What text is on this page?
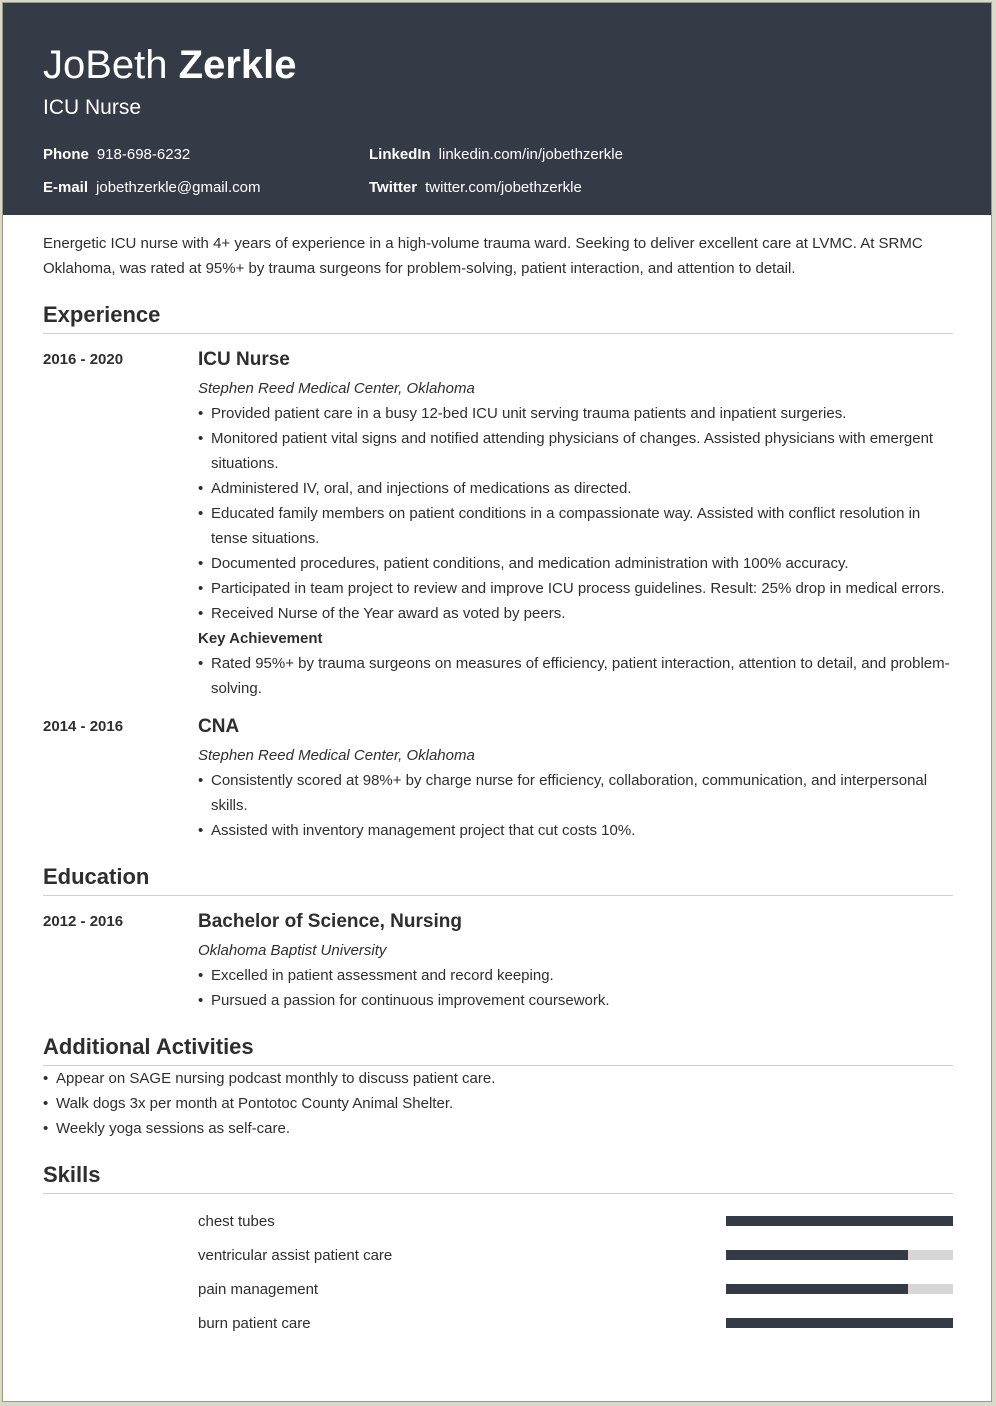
JoBeth Zerkle
ICU Nurse
Phone 918-698-6232
E-mail jobethzerkle@gmail.com
LinkedIn linkedin.com/in/jobethzerkle
Twitter twitter.com/jobethzerkle
Energetic ICU nurse with 4+ years of experience in a high-volume trauma ward. Seeking to deliver excellent care at LVMC. At SRMC Oklahoma, was rated at 95%+ by trauma surgeons for problem-solving, patient interaction, and attention to detail.
Experience
2016 - 2020	ICU Nurse
Stephen Reed Medical Center, Oklahoma
• Provided patient care in a busy 12-bed ICU unit serving trauma patients and inpatient surgeries.
• Monitored patient vital signs and notified attending physicians of changes. Assisted physicians with emergent situations.
• Administered IV, oral, and injections of medications as directed.
• Educated family members on patient conditions in a compassionate way. Assisted with conflict resolution in tense situations.
• Documented procedures, patient conditions, and medication administration with 100% accuracy.
• Participated in team project to review and improve ICU process guidelines. Result: 25% drop in medical errors.
• Received Nurse of the Year award as voted by peers.
Key Achievement
• Rated 95%+ by trauma surgeons on measures of efficiency, patient interaction, attention to detail, and problem-solving.
2014 - 2016	CNA
Stephen Reed Medical Center, Oklahoma
• Consistently scored at 98%+ by charge nurse for efficiency, collaboration, communication, and interpersonal skills.
• Assisted with inventory management project that cut costs 10%.
Education
2012 - 2016	Bachelor of Science, Nursing
Oklahoma Baptist University
• Excelled in patient assessment and record keeping.
• Pursued a passion for continuous improvement coursework.
Additional Activities
• Appear on SAGE nursing podcast monthly to discuss patient care.
• Walk dogs 3x per month at Pontotoc County Animal Shelter.
• Weekly yoga sessions as self-care.
Skills
chest tubes
ventricular assist patient care
pain management
burn patient care
